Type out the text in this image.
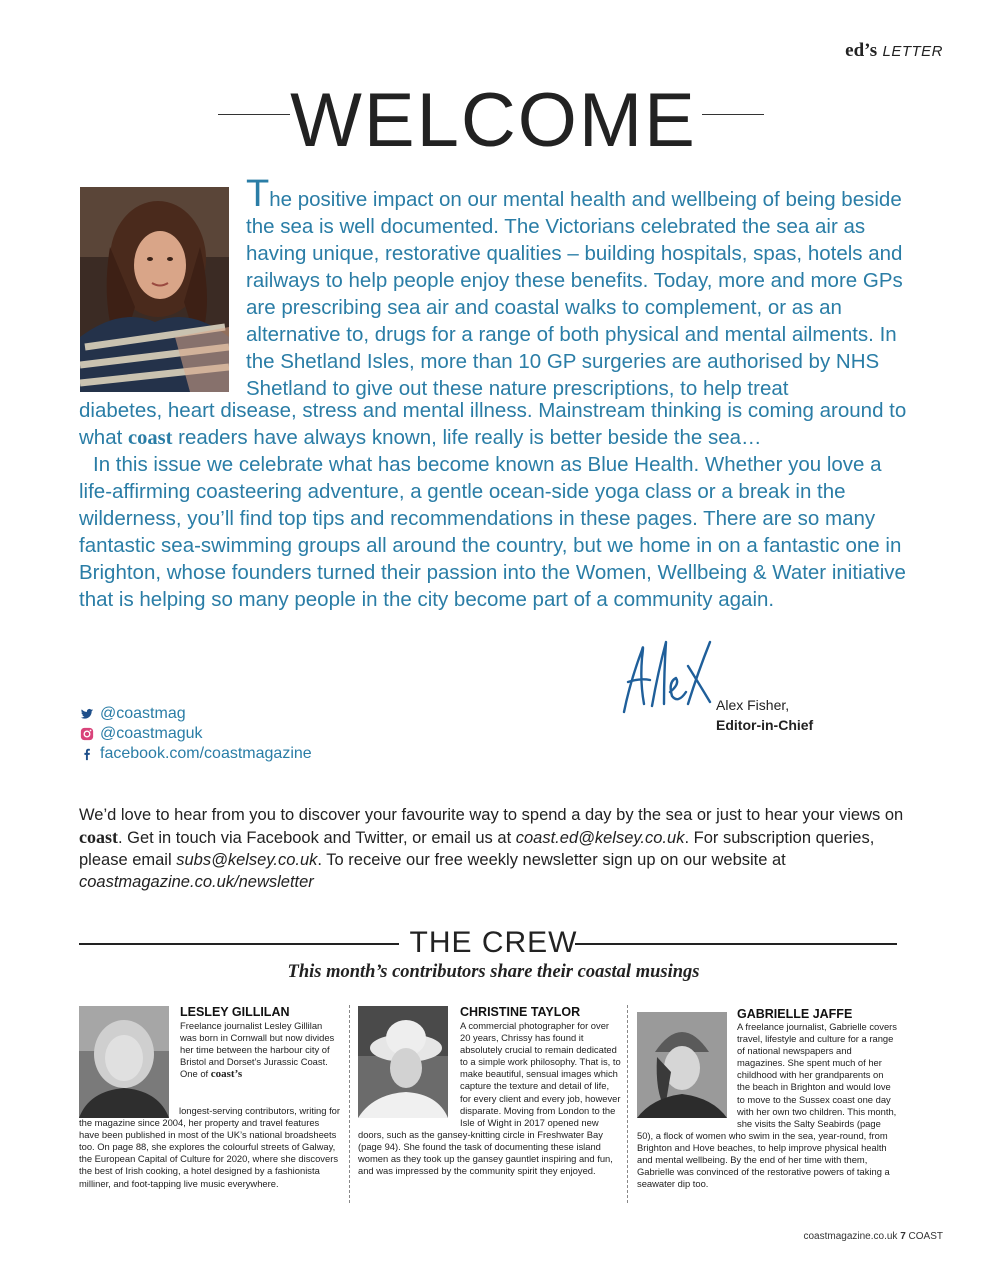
ed’s LETTER
WELCOME
The positive impact on our mental health and wellbeing of being beside the sea is well documented. The Victorians celebrated the sea air as having unique, restorative qualities – building hospitals, spas, hotels and railways to help people enjoy these benefits. Today, more and more GPs are prescribing sea air and coastal walks to complement, or as an alternative to, drugs for a range of both physical and mental ailments. In the Shetland Isles, more than 10 GP surgeries are authorised by NHS Shetland to give out these nature prescriptions, to help treat
diabetes, heart disease, stress and mental illness. Mainstream thinking is coming around to what coast readers have always known, life really is better beside the sea…
In this issue we celebrate what has become known as Blue Health. Whether you love a life-affirming coasteering adventure, a gentle ocean-side yoga class or a break in the wilderness, you’ll find top tips and recommendations in these pages. There are so many fantastic sea-swimming groups all around the country, but we home in on a fantastic one in Brighton, whose founders turned their passion into the Women, Wellbeing & Water initiative that is helping so many people in the city become part of a community again.
Alex Fisher,
Editor-in-Chief
@coastmag
@coastmaguk
facebook.com/coastmagazine
We’d love to hear from you to discover your favourite way to spend a day by the sea or just to hear your views on coast. Get in touch via Facebook and Twitter, or email us at coast.ed@kelsey.co.uk. For subscription queries, please email subs@kelsey.co.uk. To receive our free weekly newsletter sign up on our website at coastmagazine.co.uk/newsletter
THE CREW
This month’s contributors share their coastal musings
LESLEY GILLILAN
Freelance journalist Lesley Gillilan was born in Cornwall but now divides her time between the harbour city of Bristol and Dorset’s Jurassic Coast. One of coast’s
longest-serving contributors, writing for the magazine since 2004, her property and travel features have been published in most of the UK’s national broadsheets too. On page 88, she explores the colourful streets of Galway, the European Capital of Culture for 2020, where she discovers the best of Irish cooking, a hotel designed by a fashionista milliner, and foot-tapping live music everywhere.
CHRISTINE TAYLOR
A commercial photographer for over 20 years, Chrissy has found it absolutely crucial to remain dedicated to a simple work philosophy. That is, to make beautiful, sensual images which capture the texture and detail of life, for every client and every job, however disparate. Moving from London to the Isle of Wight in 2017 opened new doors, such as the gansey-knitting circle in Freshwater Bay (page 94). She found the task of documenting these island women as they took up the gansey gauntlet inspiring and fun, and was impressed by the community spirit they enjoyed.
GABRIELLE JAFFE
A freelance journalist, Gabrielle covers travel, lifestyle and culture for a range of national newspapers and magazines. She spent much of her childhood with her grandparents on the beach in Brighton and would love to move to the Sussex coast one day with her own two children. This month, she visits the Salty Seabirds (page 50), a flock of women who swim in the sea, year-round, from Brighton and Hove beaches, to help improve physical health and mental wellbeing. By the end of her time with them, Gabrielle was convinced of the restorative powers of taking a seawater dip too.
coastmagazine.co.uk 7 COAST
